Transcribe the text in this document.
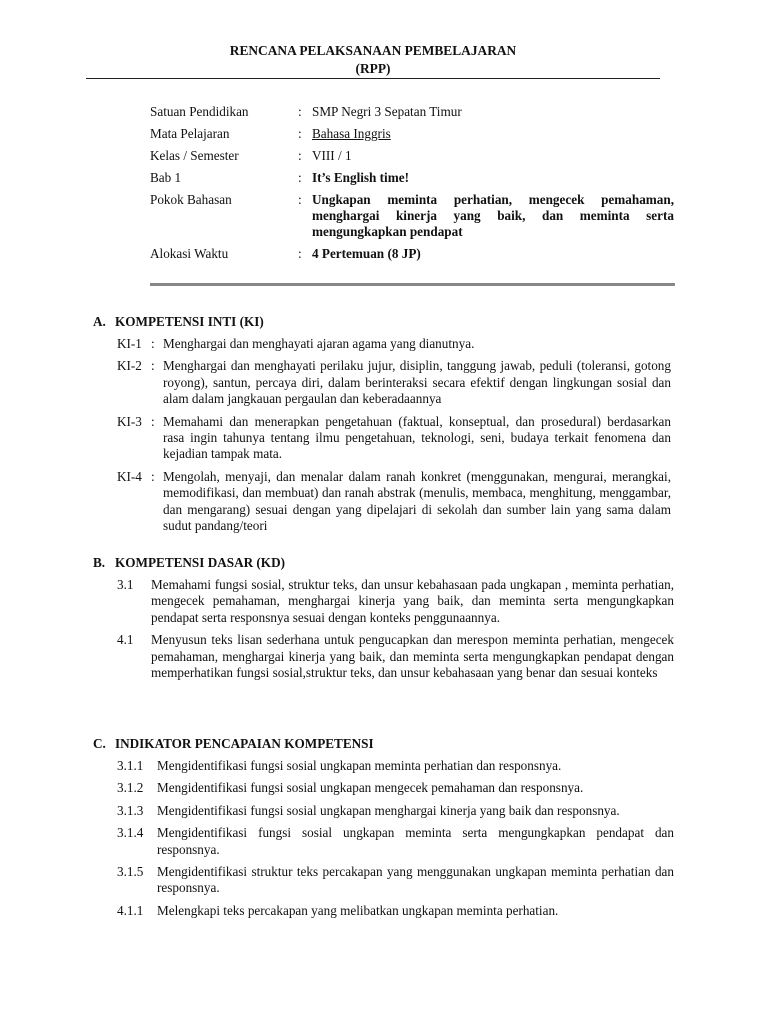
RENCANA PELAKSANAAN PEMBELAJARAN
(RPP)
Satuan Pendidikan	: SMP Negri 3 Sepatan Timur
Mata Pelajaran	: Bahasa Inggris
Kelas / Semester	: VIII / 1
Bab 1	: It’s English time!
Pokok Bahasan	: Ungkapan meminta perhatian, mengecek pemahaman, menghargai kinerja yang baik, dan meminta serta mengungkapkan pendapat
Alokasi Waktu	: 4 Pertemuan (8 JP)
A. KOMPETENSI INTI (KI)
KI-1 : Menghargai dan menghayati ajaran agama yang dianutnya.
KI-2 : Menghargai dan menghayati perilaku jujur, disiplin, tanggung jawab, peduli (toleransi, gotong royong), santun, percaya diri, dalam berinteraksi secara efektif dengan lingkungan sosial dan alam dalam jangkauan pergaulan dan keberadaannya
KI-3 : Memahami dan menerapkan pengetahuan (faktual, konseptual, dan prosedural) berdasarkan rasa ingin tahunya tentang ilmu pengetahuan, teknologi, seni, budaya terkait fenomena dan kejadian tampak mata.
KI-4 : Mengolah, menyaji, dan menalar dalam ranah konkret (menggunakan, mengurai, merangkai, memodifikasi, dan membuat) dan ranah abstrak (menulis, membaca, menghitung, menggambar, dan mengarang) sesuai dengan yang dipelajari di sekolah dan sumber lain yang sama dalam sudut pandang/teori
B. KOMPETENSI DASAR (KD)
3.1	Memahami fungsi sosial, struktur teks, dan unsur kebahasaan pada ungkapan , meminta perhatian, mengecek pemahaman, menghargai kinerja yang baik, dan meminta serta mengungkapkan pendapat serta responsnya sesuai dengan konteks penggunaannya.
4.1	Menyusun teks lisan sederhana untuk pengucapkan dan merespon meminta perhatian, mengecek pemahaman, menghargai kinerja yang baik, dan meminta serta mengungkapkan pendapat dengan memperhatikan fungsi sosial,struktur teks, dan unsur kebahasaan yang benar dan sesuai konteks
C. INDIKATOR PENCAPAIAN KOMPETENSI
3.1.1	Mengidentifikasi fungsi sosial ungkapan meminta perhatian dan responsnya.
3.1.2	Mengidentifikasi fungsi sosial ungkapan mengecek pemahaman dan responsnya.
3.1.3	Mengidentifikasi fungsi sosial ungkapan menghargai kinerja yang baik dan responsnya.
3.1.4	Mengidentifikasi fungsi sosial ungkapan meminta serta mengungkapkan pendapat dan responsnya.
3.1.5	Mengidentifikasi struktur teks percakapan yang menggunakan ungkapan meminta perhatian dan responsnya.
4.1.1	Melengkapi teks percakapan yang melibatkan ungkapan meminta perhatian.
